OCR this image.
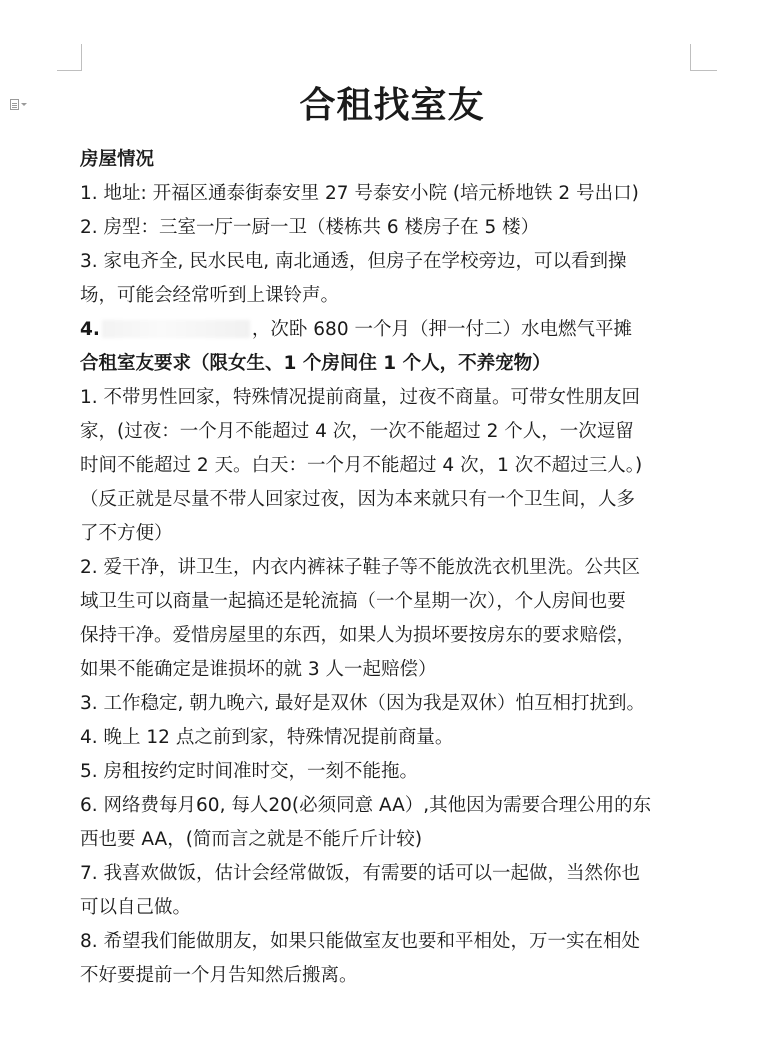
合租找室友
房屋情况
1. 地址: 开福区通泰街泰安里 27 号泰安小院 (培元桥地铁 2 号出口)
2. 房型：三室一厅一厨一卫（楼栋共 6 楼房子在 5 楼）
3. 家电齐全, 民水民电, 南北通透，但房子在学校旁边，可以看到操
场，可能会经常听到上课铃声。
4.	，次卧 680 一个月（押一付二）水电燃气平摊
合租室友要求（限女生、1 个房间住 1 个人，不养宠物）
1. 不带男性回家，特殊情况提前商量，过夜不商量。可带女性朋友回
家，(过夜：一个月不能超过 4 次，一次不能超过 2 个人，一次逗留
时间不能超过 2 天。白天：一个月不能超过 4 次，1 次不超过三人。)
（反正就是尽量不带人回家过夜，因为本来就只有一个卫生间，人多
了不方便）
2. 爱干净，讲卫生，内衣内裤袜子鞋子等不能放洗衣机里洗。公共区
域卫生可以商量一起搞还是轮流搞（一个星期一次），个人房间也要
保持干净。爱惜房屋里的东西，如果人为损坏要按房东的要求赔偿，
如果不能确定是谁损坏的就 3 人一起赔偿）
3. 工作稳定, 朝九晚六, 最好是双休（因为我是双休）怕互相打扰到。
4. 晚上 12 点之前到家，特殊情况提前商量。
5. 房租按约定时间准时交，一刻不能拖。
6. 网络费每月60, 每人20(必须同意 AA）,其他因为需要合理公用的东
西也要 AA，(简而言之就是不能斤斤计较)
7. 我喜欢做饭，估计会经常做饭，有需要的话可以一起做，当然你也
可以自己做。
8. 希望我们能做朋友，如果只能做室友也要和平相处，万一实在相处
不好要提前一个月告知然后搬离。
